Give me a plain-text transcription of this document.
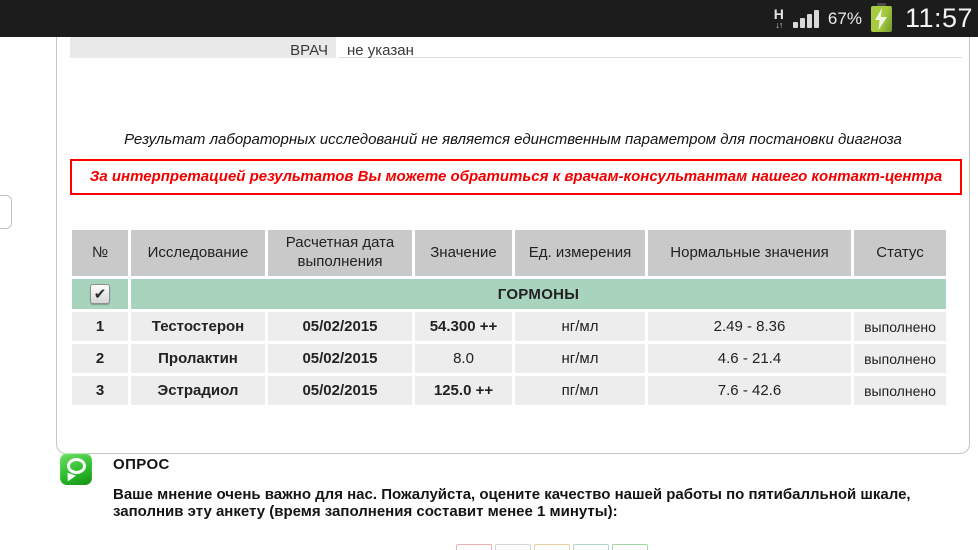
H
↓↑	67% 11:57
ВРАЧ	не указан
Результат лабораторных исследований не является единственным параметром для постановки диагноза
За интерпретацией результатов Вы можете обратиться к врачам-консультантам нашего контакт-центра
№	Исследование	Расчетная дата выполнения	Значение	Ед. измерения	Нормальные значения	Статус
✔	ГОРМОНЫ					
1	Тестостерон	05/02/2015	54.300 ++	нг/мл	2.49 - 8.36	выполнено
2	Пролактин	05/02/2015	8.0	нг/мл	4.6 - 21.4	выполнено
3	Эстрадиол	05/02/2015	125.0 ++	пг/мл	7.6 - 42.6	выполнено
ОПРОС
Ваше мнение очень важно для нас. Пожалуйста, оцените качество нашей работы по пятибалльной шкале,
заполнив эту анкету (время заполнения составит менее 1 минуты):
